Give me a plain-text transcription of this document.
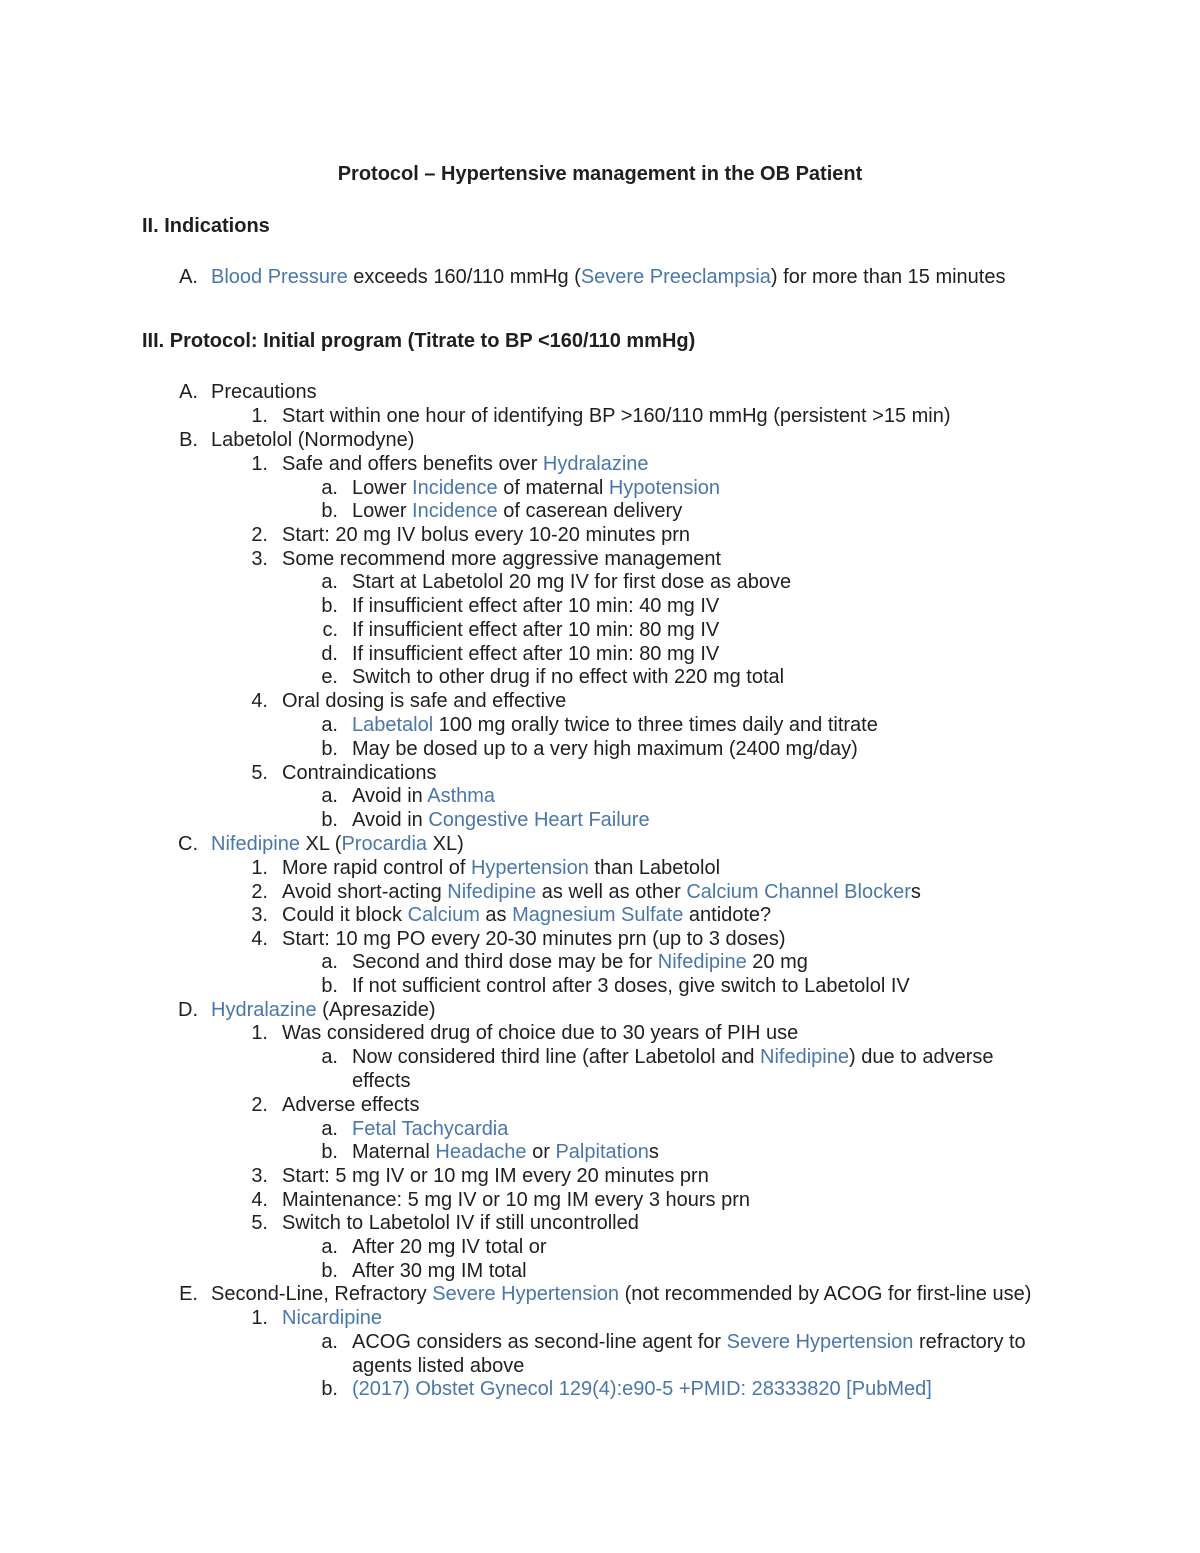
Protocol – Hypertensive management in the OB Patient
II. Indications
III. Protocol: Initial program (Titrate to BP <160/110 mmHg)
A. Blood Pressure exceeds 160/110 mmHg (Severe Preeclampsia) for more than 15 minutes
A. Precautions
1. Start within one hour of identifying BP >160/110 mmHg (persistent >15 min)
B. Labetolol (Normodyne)
1. Safe and offers benefits over Hydralazine
a. Lower Incidence of maternal Hypotension
b. Lower Incidence of caserean delivery
2. Start: 20 mg IV bolus every 10-20 minutes prn
3. Some recommend more aggressive management
a. Start at Labetolol 20 mg IV for first dose as above
b. If insufficient effect after 10 min: 40 mg IV
c. If insufficient effect after 10 min: 80 mg IV
d. If insufficient effect after 10 min: 80 mg IV
e. Switch to other drug if no effect with 220 mg total
4. Oral dosing is safe and effective
a. Labetalol 100 mg orally twice to three times daily and titrate
b. May be dosed up to a very high maximum (2400 mg/day)
5. Contraindications
a. Avoid in Asthma
b. Avoid in Congestive Heart Failure
C. Nifedipine XL (Procardia XL)
1. More rapid control of Hypertension than Labetolol
2. Avoid short-acting Nifedipine as well as other Calcium Channel Blockers
3. Could it block Calcium as Magnesium Sulfate antidote?
4. Start: 10 mg PO every 20-30 minutes prn (up to 3 doses)
a. Second and third dose may be for Nifedipine 20 mg
b. If not sufficient control after 3 doses, give switch to Labetolol IV
D. Hydralazine (Apresazide)
1. Was considered drug of choice due to 30 years of PIH use
a. Now considered third line (after Labetolol and Nifedipine) due to adverse
effects
2. Adverse effects
a. Fetal Tachycardia
b. Maternal Headache or Palpitations
3. Start: 5 mg IV or 10 mg IM every 20 minutes prn
4. Maintenance: 5 mg IV or 10 mg IM every 3 hours prn
5. Switch to Labetolol IV if still uncontrolled
a. After 20 mg IV total or
b. After 30 mg IM total
E. Second-Line, Refractory Severe Hypertension (not recommended by ACOG for first-line use)
1. Nicardipine
a. ACOG considers as second-line agent for Severe Hypertension refractory to
agents listed above
b. (2017) Obstet Gynecol 129(4):e90-5 +PMID: 28333820 [PubMed]
